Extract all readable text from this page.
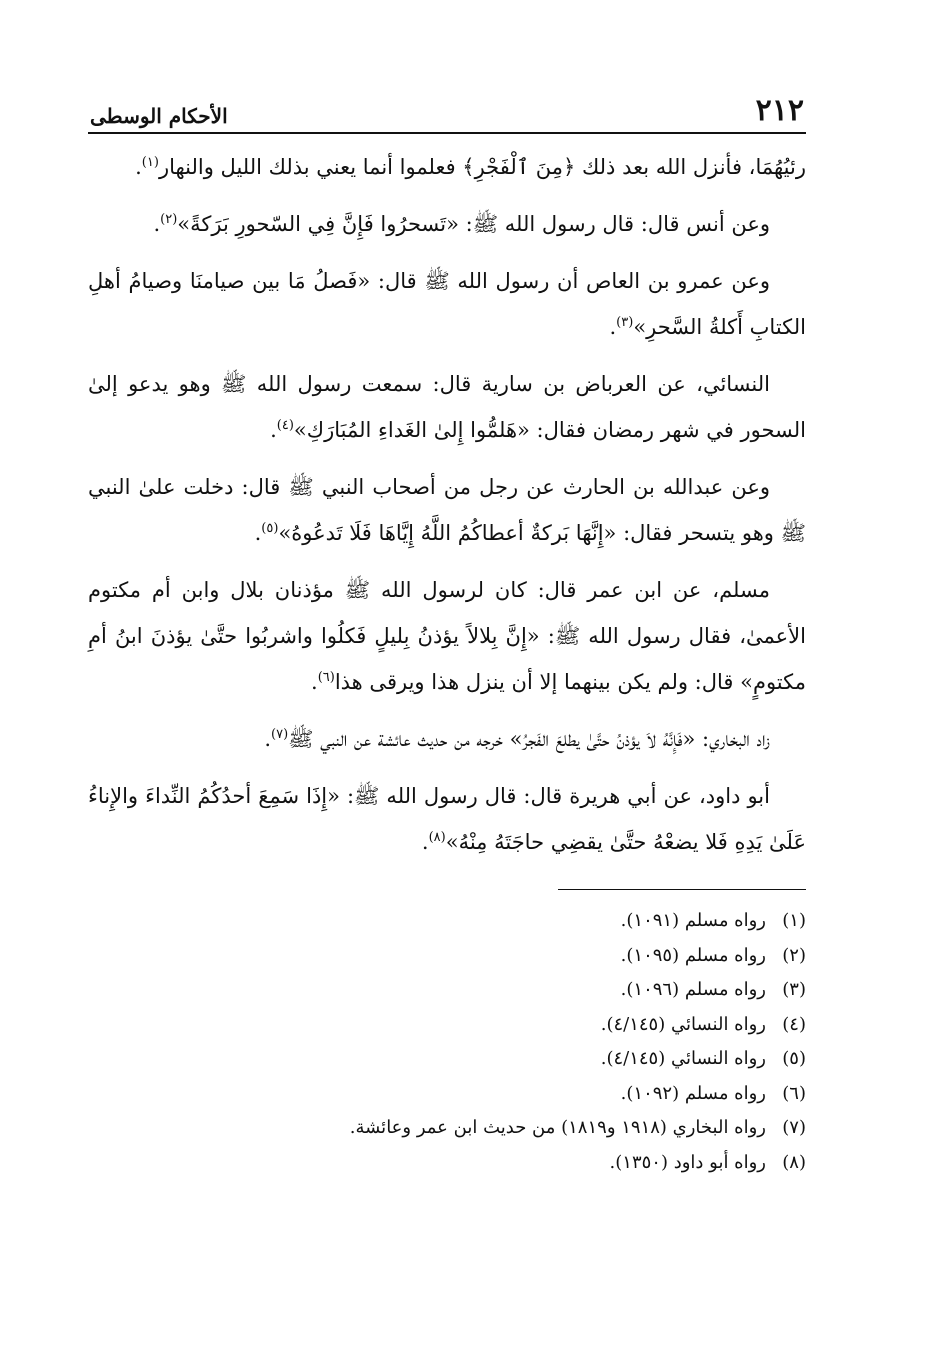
٢١٢
الأحكام الوسطى

رئيُهُمَا، فأنزل الله بعد ذلك ﴿مِنَ ٱلْفَجْرِ﴾ فعلموا أنما يعني بذلك الليل والنهار$^{(١)}$.

وعن أنس قال: قال رسول الله ﷺ: «تَسحرُوا فَإِنَّ فِي السّحورِ بَرَكةً»$^{(٢)}$.

وعن عمرو بن العاص أن رسول الله ﷺ قال: «فَصلُ مَا بين صيامنَا وصيامُ أهلِ الكتابِ أَكلةُ السَّحرِ»$^{(٣)}$.

النسائي، عن العرباض بن سارية قال: سمعت رسول الله ﷺ وهو يدعو إلىٰ السحور في شهر رمضان فقال: «هَلمُّوا إِلىٰ الغَداءِ المُبَارَكِ»$^{(٤)}$.

وعن عبدالله بن الحارث عن رجل من أصحاب النبي ﷺ قال: دخلت علىٰ النبي ﷺ وهو يتسحر فقال: «إِنَّهَا بَركةٌ أعطاكُمُ اللَّهُ إِيَّاهَا فَلَا تَدعُوهُ»$^{(٥)}$.

مسلم، عن ابن عمر قال: كان لرسول الله ﷺ مؤذنان بلال وابن أم مكتوم الأعمىٰ، فقال رسول الله ﷺ: «إِنَّ بِلالاً يؤذنُ بِليلٍ فَكلُوا واشربُوا حتَّىٰ يؤذنَ ابنُ أمِ مكتومٍ» قال: ولم يكن بينهما إلا أن ينزل هذا ويرقى هذا$^{(٦)}$.

زاد البخاري: «فَإِنَّهُ لاَ يؤذنُ حتَّىٰ يطلعَ الفَجرُ» خرجه من حديث عائشة عن النبي ﷺ$^{(٧)}$.

أبو داود، عن أبي هريرة قال: قال رسول الله ﷺ: «إِذَا سَمِعَ أحدُكُمُ النِّداءَ والإِناءُ عَلَىٰ يَدِهِ فَلا يضعْهُ حتَّىٰ يقضِي حاجَتَهُ مِنْهُ»$^{(٨)}$.

(١)
رواه مسلم (١٠٩١).
(٢)
رواه مسلم (١٠٩٥).
(٣)
رواه مسلم (١٠٩٦).
(٤)
رواه النسائي (٤/١٤٥).
(٥)
رواه النسائي (٤/١٤٥).
(٦)
رواه مسلم (١٠٩٢).
(٧)
رواه البخاري (١٩١٨ و١٨١٩) من حديث ابن عمر وعائشة.
(٨)
رواه أبو داود (١٣٥٠).
